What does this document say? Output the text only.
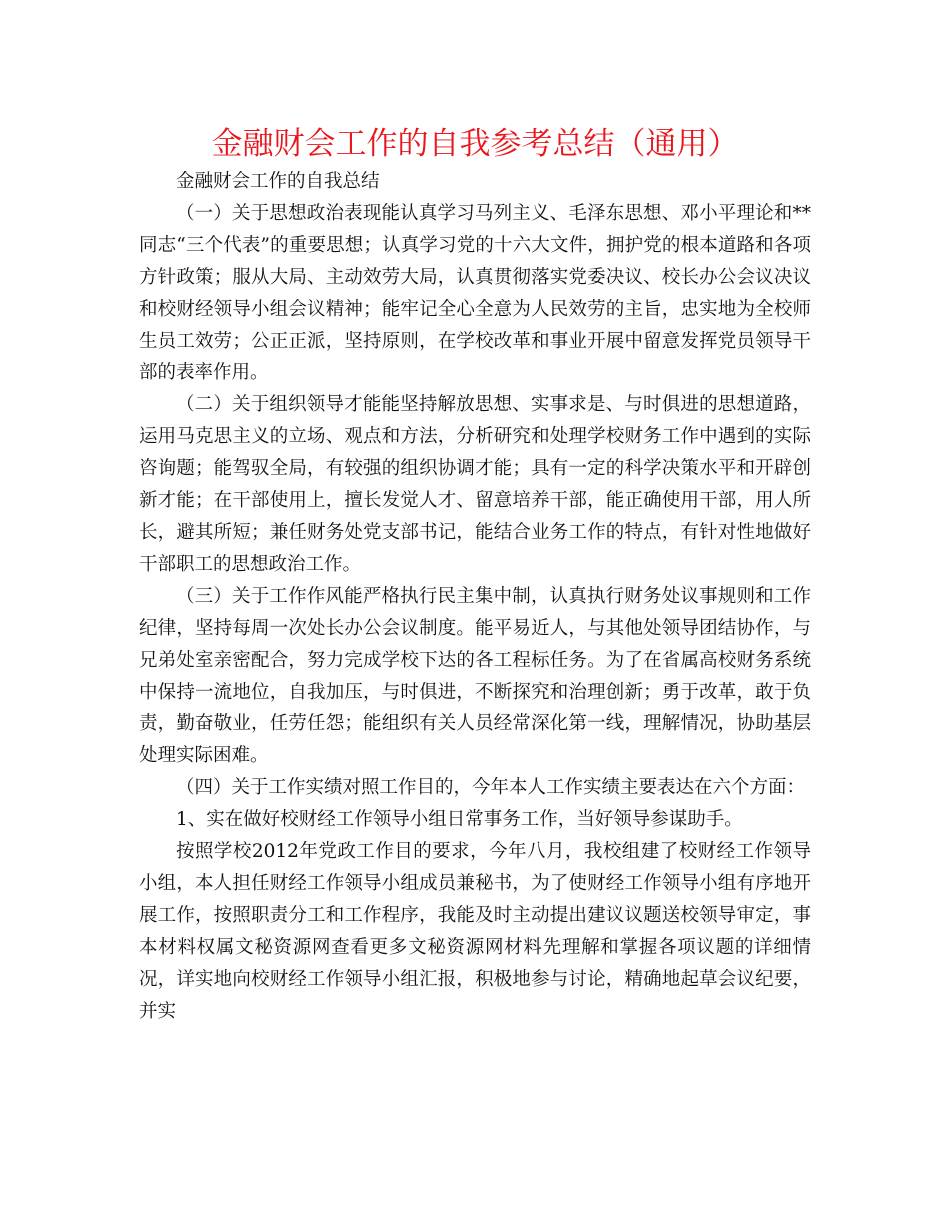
金融财会工作的自我参考总结（通用）

金融财会工作的自我总结

（一）关于思想政治表现能认真学习马列主义、毛泽东思想、邓小平理论和**同志“三个代表”的重要思想；认真学习党的十六大文件，拥护党的根本道路和各项方针政策；服从大局、主动效劳大局，认真贯彻落实党委决议、校长办公会议决议和校财经领导小组会议精神；能牢记全心全意为人民效劳的主旨，忠实地为全校师生员工效劳；公正正派，坚持原则，在学校改革和事业开展中留意发挥党员领导干部的表率作用。

（二）关于组织领导才能能坚持解放思想、实事求是、与时俱进的思想道路，运用马克思主义的立场、观点和方法，分析研究和处理学校财务工作中遇到的实际咨询题；能驾驭全局，有较强的组织协调才能；具有一定的科学决策水平和开辟创新才能；在干部使用上，擅长发觉人才、留意培养干部，能正确使用干部，用人所长，避其所短；兼任财务处党支部书记，能结合业务工作的特点，有针对性地做好干部职工的思想政治工作。

（三）关于工作作风能严格执行民主集中制，认真执行财务处议事规则和工作纪律，坚持每周一次处长办公会议制度。能平易近人，与其他处领导团结协作，与兄弟处室亲密配合，努力完成学校下达的各工程标任务。为了在省属高校财务系统中保持一流地位，自我加压，与时俱进，不断探究和治理创新；勇于改革，敢于负责，勤奋敬业，任劳任怨；能组织有关人员经常深化第一线，理解情况，协助基层处理实际困难。

（四）关于工作实绩对照工作目的，今年本人工作实绩主要表达在六个方面：

1、实在做好校财经工作领导小组日常事务工作，当好领导参谋助手。

按照学校2012年党政工作目的要求，今年八月，我校组建了校财经工作领导小组，本人担任财经工作领导小组成员兼秘书，为了使财经工作领导小组有序地开展工作，按照职责分工和工作程序，我能及时主动提出建议议题送校领导审定，事本材料权属文秘资源网查看更多文秘资源网材料先理解和掌握各项议题的详细情况，详实地向校财经工作领导小组汇报，积极地参与讨论，精确地起草会议纪要，并实
